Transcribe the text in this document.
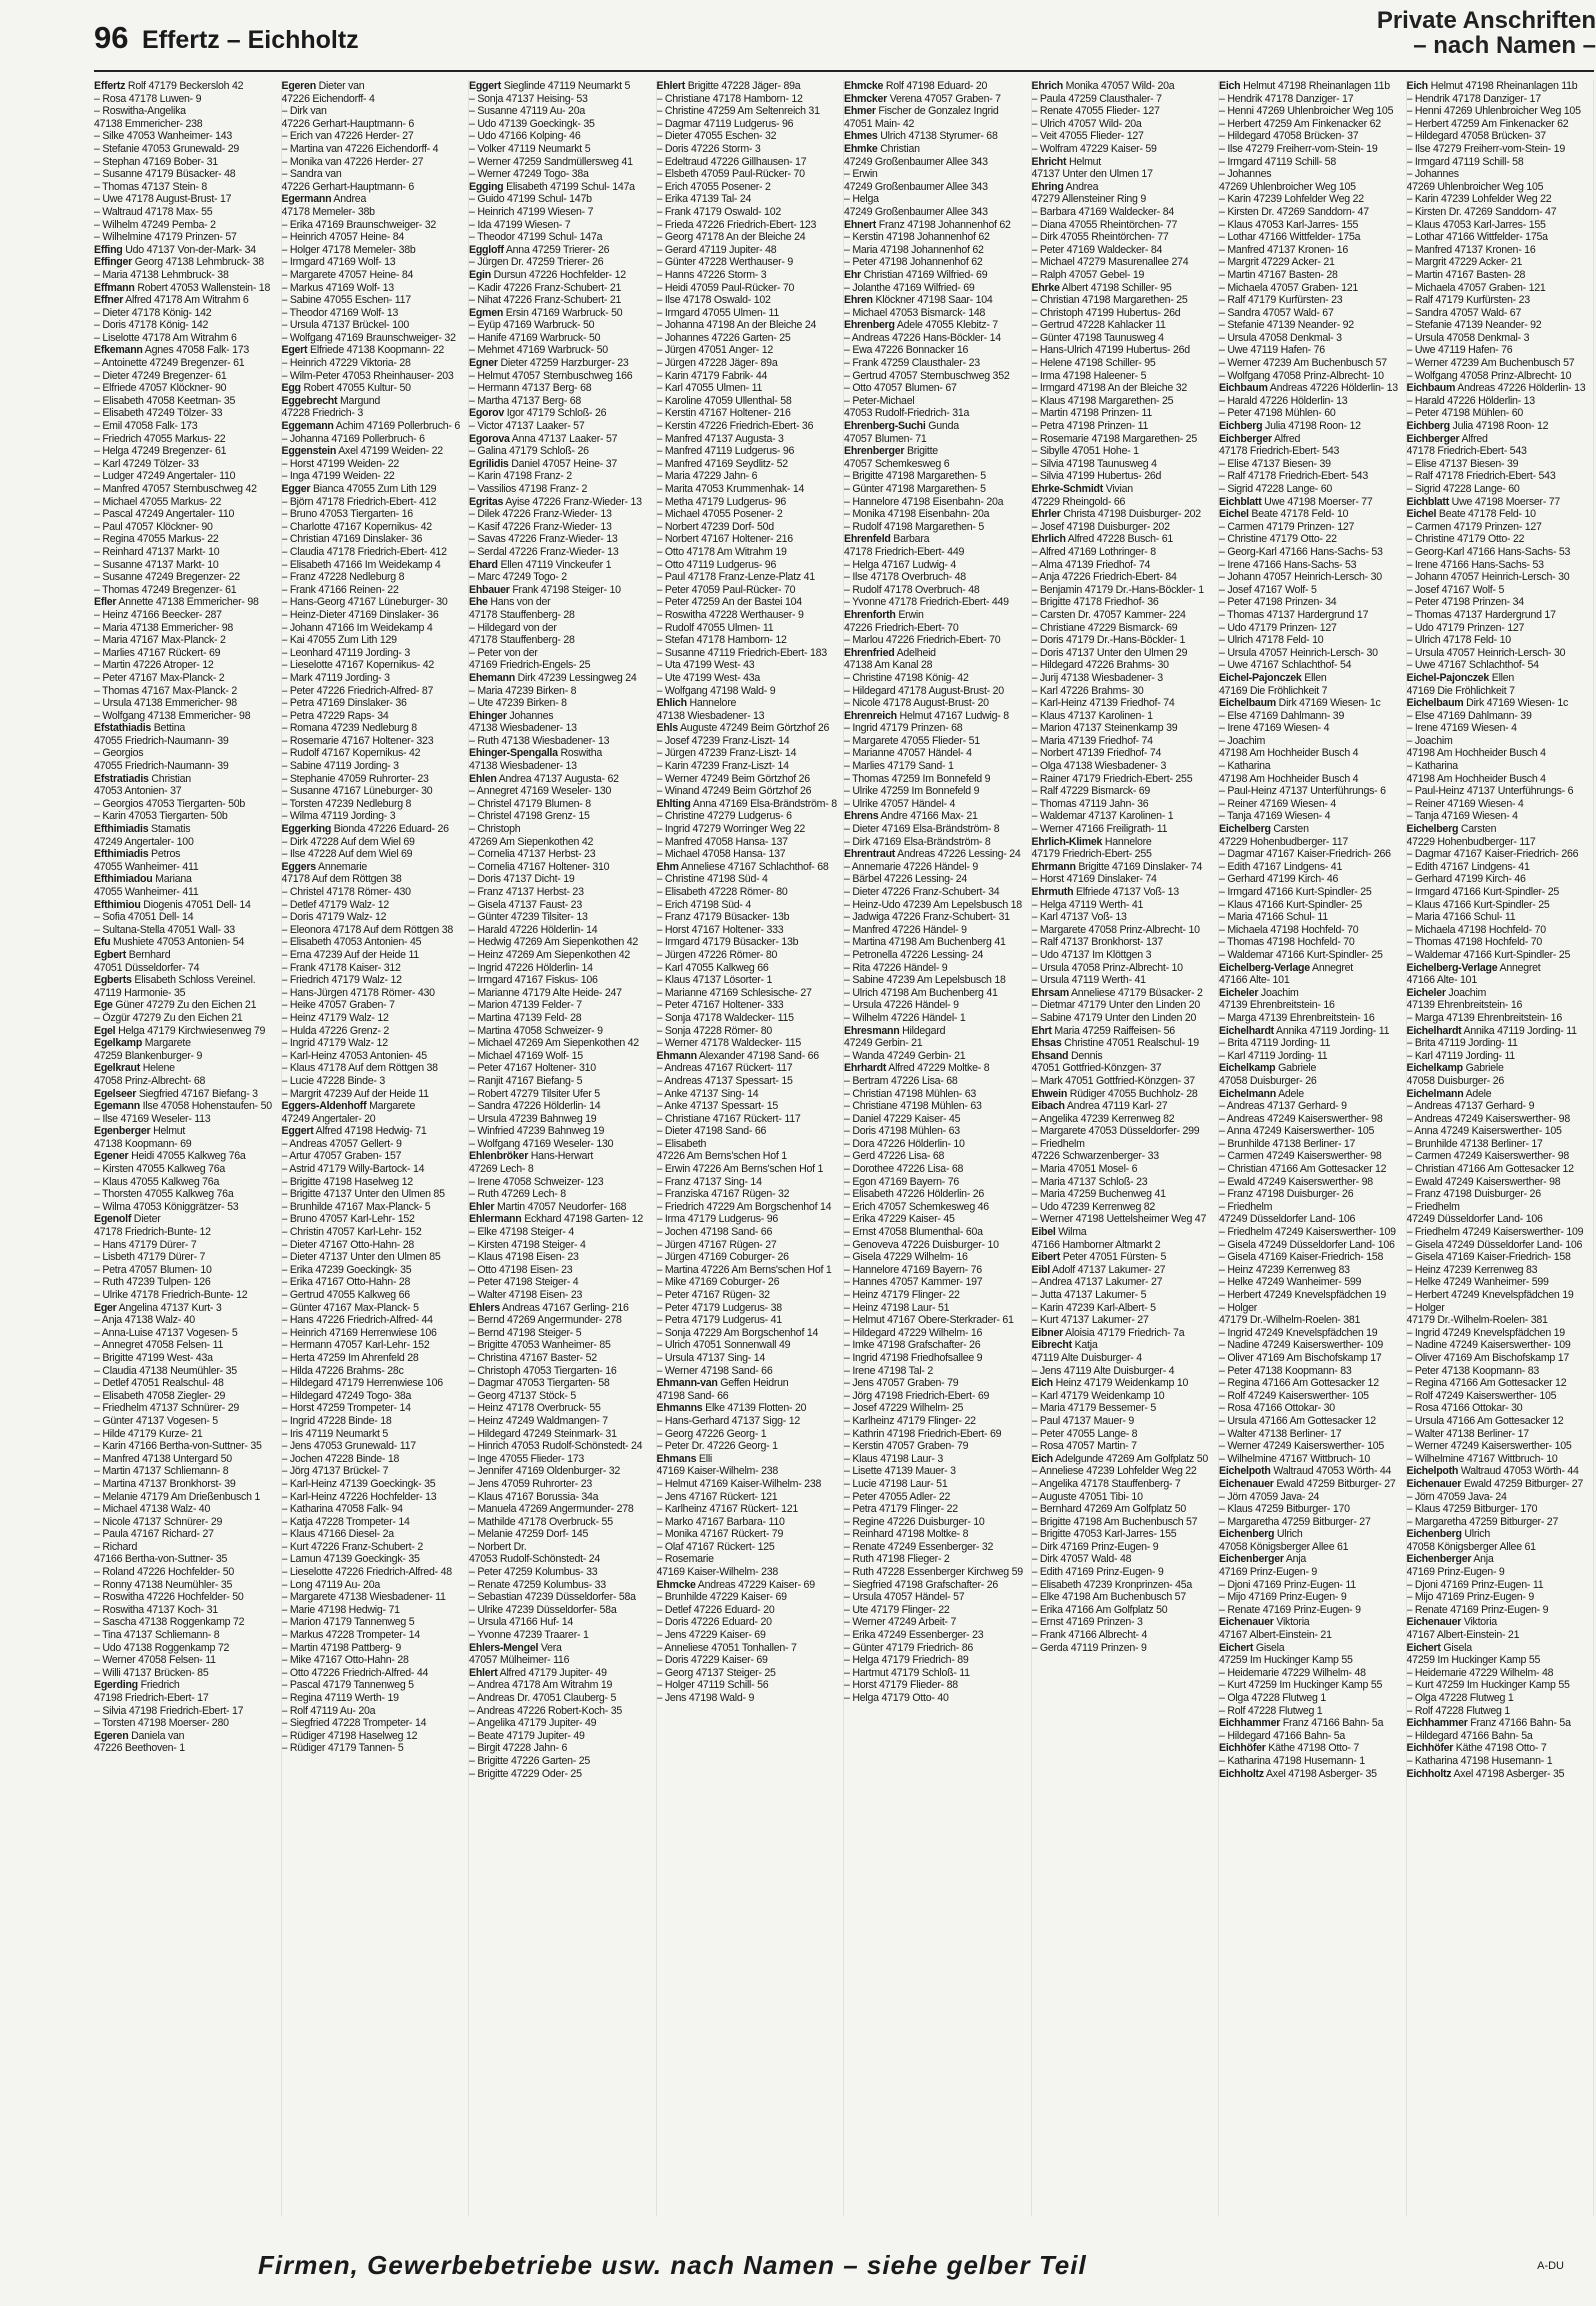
96 Effertz – Eichholtz
Private Anschriften
– nach Namen –
Effertz Rolf 47179 Beckersloh 42
– Rosa 47178 Luwen- 9
– Roswitha-Angelika
47138 Emmericher- 238
– Silke 47053 Wanheimer- 143
– Stefanie 47053 Grunewald- 29
– Stephan 47169 Bober- 31
– Susanne 47179 Büsacker- 48
– Thomas 47137 Stein- 8
– Uwe 47178 August-Brust- 17
– Waltraud 47178 Max- 55
– Wilhelm 47249 Pemba- 2
– Wilhelmine 47179 Prinzen- 57
Effing Udo 47137 Von-der-Mark- 34
Effinger Georg 47138 Lehmbruck- 38
– Maria 47138 Lehmbruck- 38
Effmann Robert 47053 Wallenstein- 18
Effner Alfred 47178 Am Witrahm 6
– Dieter 47178 König- 142
– Doris 47178 König- 142
– Liselotte 47178 Am Witrahm 6
Efkemann Agnes 47058 Falk- 173
– Antoinette 47249 Bregenzer- 61
– Dieter 47249 Bregenzer- 61
– Elfriede 47057 Klöckner- 90
– Elisabeth 47058 Keetman- 35
– Elisabeth 47249 Tölzer- 33
– Emil 47058 Falk- 173
– Friedrich 47055 Markus- 22
– Helga 47249 Bregenzer- 61
– Karl 47249 Tölzer- 33
– Ludger 47249 Angertaler- 110
– Manfred 47057 Sternbuschweg 42
– Michael 47055 Markus- 22
– Pascal 47249 Angertaler- 110
– Paul 47057 Klöckner- 90
– Regina 47055 Markus- 22
– Reinhard 47137 Markt- 10
– Susanne 47137 Markt- 10
– Susanne 47249 Bregenzer- 22
– Thomas 47249 Bregenzer- 61
Efler Annette 47138 Emmericher- 98
– Heinz 47166 Beecker- 287
– Maria 47138 Emmericher- 98
– Maria 47167 Max-Planck- 2
– Marlies 47167 Rückert- 69
– Martin 47226 Atroper- 12
– Peter 47167 Max-Planck- 2
– Thomas 47167 Max-Planck- 2
– Ursula 47138 Emmericher- 98
– Wolfgang 47138 Emmericher- 98
Efstathiadis Bettina
47055 Friedrich-Naumann- 39
– Georgios
47055 Friedrich-Naumann- 39
Efstratiadis Christian
47053 Antonien- 37
– Georgios 47053 Tiergarten- 50b
– Karin 47053 Tiergarten- 50b
Efthimiadis Stamatis
47249 Angertaler- 100
Efthimiadis Petros
47055 Wanheimer- 411
Efthimiadou Mariana
47055 Wanheimer- 411
Efthimiou Diogenis 47051 Dell- 14
– Sofia 47051 Dell- 14
– Sultana-Stella 47051 Wall- 33
Efu Mushiete 47053 Antonien- 54
Egbert Bernhard
47051 Düsseldorfer- 74
Egberts Elisabeth Schloss Vereinel.
47119 Harmonie- 35
Ege Güner 47279 Zu den Eichen 21
– Özgür 47279 Zu den Eichen 21
Egel Helga 47179 Kirchwiesenweg 79
Egelkamp Margarete
47259 Blankenburger- 9
Egelkraut Helene
47058 Prinz-Albrecht- 68
Egelseer Siegfried 47167 Biefang- 3
Egemann Ilse 47058 Hohenstaufen- 50
– Ilse 47169 Weseler- 113
Egenberger Helmut
47138 Koopmann- 69
Egener Heidi 47055 Kalkweg 76a
– Kirsten 47055 Kalkweg 76a
– Klaus 47055 Kalkweg 76a
– Thorsten 47055 Kalkweg 76a
– Wilma 47053 Königgrätzer- 53
Egenolf Dieter
47178 Friedrich-Bunte- 12
– Hans 47179 Dürer- 7
– Lisbeth 47179 Dürer- 7
– Petra 47057 Blumen- 10
– Ruth 47239 Tulpen- 126
– Ulrike 47178 Friedrich-Bunte- 12
Eger Angelina 47137 Kurt- 3
– Anja 47138 Walz- 40
– Anna-Luise 47137 Vogesen- 5
– Annegret 47058 Felsen- 11
– Brigitte 47199 West- 43a
– Claudia 47138 Neumühler- 35
– Detlef 47051 Realschul- 48
– Elisabeth 47058 Ziegler- 29
– Friedhelm 47137 Schnürer- 29
– Günter 47137 Vogesen- 5
– Hilde 47179 Kurze- 21
– Karin 47166 Bertha-von-Suttner- 35
– Manfred 47138 Untergard 50
– Martin 47137 Schliemann- 8
– Martina 47137 Bronkhorst- 39
– Melanie 47179 Am Drießenbusch 1
– Michael 47138 Walz- 40
– Nicole 47137 Schnürer- 29
– Paula 47167 Richard- 27
– Richard
47166 Bertha-von-Suttner- 35
– Roland 47226 Hochfelder- 50
– Ronny 47138 Neumühler- 35
– Roswitha 47226 Hochfelder- 50
– Roswitha 47137 Koch- 31
– Sascha 47138 Roggenkamp 72
– Tina 47137 Schliemann- 8
– Udo 47138 Roggenkamp 72
– Werner 47058 Felsen- 11
– Willi 47137 Brücken- 85
Egerding Friedrich
47198 Friedrich-Ebert- 17
– Silvia 47198 Friedrich-Ebert- 17
– Torsten 47198 Moerser- 280
Egeren Daniela van
47226 Beethoven- 1
Egeren Dieter van
47226 Eichendorff- 4
– Dirk van
47226 Gerhart-Hauptmann- 6
– Erich van 47226 Herder- 27
– Martina van 47226 Eichendorff- 4
– Monika van 47226 Herder- 27
– Sandra van
47226 Gerhart-Hauptmann- 6
Egermann Andrea
47178 Memeler- 38b
– Erika 47169 Braunschweiger- 32
– Heinrich 47057 Heine- 84
– Holger 47178 Memeler- 38b
– Irmgard 47169 Wolf- 13
– Margarete 47057 Heine- 84
– Markus 47169 Wolf- 13
– Sabine 47055 Eschen- 117
– Theodor 47169 Wolf- 13
– Ursula 47137 Brückel- 100
– Wolfgang 47169 Braunschweiger- 32
Egert Elfriede 47138 Koopmann- 22
– Heinrich 47229 Viktoria- 28
– Wilm-Peter 47053 Rheinhauser- 203
Egg Robert 47055 Kultur- 50
Eggebrecht Margund
47228 Friedrich- 3
Eggemann Achim 47169 Pollerbruch- 6
– Johanna 47169 Pollerbruch- 6
Eggenstein Axel 47199 Weiden- 22
– Horst 47199 Weiden- 22
– Inga 47199 Weiden- 22
Egger Bianca 47055 Zum Lith 129
– Björn 47178 Friedrich-Ebert- 412
– Bruno 47053 Tiergarten- 16
– Charlotte 47167 Kopernikus- 42
– Christian 47169 Dinslaker- 36
– Claudia 47178 Friedrich-Ebert- 412
– Elisabeth 47166 Im Weidekamp 4
– Franz 47228 Nedleburg 8
– Frank 47166 Reinen- 22
– Hans-Georg 47167 Lüneburger- 30
– Heinz-Dieter 47169 Dinslaker- 36
– Johann 47166 Im Weidekamp 4
– Kai 47055 Zum Lith 129
– Leonhard 47119 Jording- 3
– Lieselotte 47167 Kopernikus- 42
– Mark 47119 Jording- 3
– Peter 47226 Friedrich-Alfred- 87
– Petra 47169 Dinslaker- 36
– Petra 47229 Raps- 34
– Romana 47239 Nedleburg 8
– Rosemarie 47167 Holtener- 323
– Rudolf 47167 Kopernikus- 42
– Sabine 47119 Jording- 3
– Stephanie 47059 Ruhrorter- 23
– Susanne 47167 Lüneburger- 30
– Torsten 47239 Nedleburg 8
– Wilma 47119 Jording- 3
Eggerking Bionda 47226 Eduard- 26
– Dirk 47228 Auf dem Wiel 69
– Ilse 47228 Auf dem Wiel 69
Eggers Annemarie
47178 Auf dem Röttgen 38
– Christel 47178 Römer- 430
– Detlef 47179 Walz- 12
– Doris 47179 Walz- 12
– Eleonora 47178 Auf dem Röttgen 38
– Elisabeth 47053 Antonien- 45
– Erna 47239 Auf der Heide 11
– Frank 47178 Kaiser- 312
– Friedrich 47179 Walz- 12
– Hans-Jürgen 47178 Römer- 430
– Heike 47057 Graben- 7
– Heinz 47179 Walz- 12
– Hulda 47226 Grenz- 2
– Ingrid 47179 Walz- 12
– Karl-Heinz 47053 Antonien- 45
– Klaus 47178 Auf dem Röttgen 38
– Lucie 47228 Binde- 3
– Margrit 47239 Auf der Heide 11
Eggers-Aldenhoff Margarete
47249 Angertaler- 20
Eggert Alfred 47198 Hedwig- 71
– Andreas 47057 Gellert- 9
– Artur 47057 Graben- 157
– Astrid 47179 Willy-Bartock- 14
– Brigitte 47198 Haselweg 12
– Brigitte 47137 Unter den Ulmen 85
– Brunhilde 47167 Max-Planck- 5
– Bruno 47057 Karl-Lehr- 152
– Christin 47057 Karl-Lehr- 152
– Dieter 47167 Otto-Hahn- 28
– Dieter 47137 Unter den Ulmen 85
– Erika 47239 Goeckingk- 35
– Erika 47167 Otto-Hahn- 28
– Gertrud 47055 Kalkweg 66
– Günter 47167 Max-Planck- 5
– Hans 47226 Friedrich-Alfred- 44
– Heinrich 47169 Herrenwiese 106
– Hermann 47057 Karl-Lehr- 152
– Herta 47259 Im Ahrenfeld 28
– Hilda 47226 Brahms- 28c
– Hildegard 47179 Herrenwiese 106
– Hildegard 47249 Togo- 38a
– Horst 47259 Trompeter- 14
– Ingrid 47228 Binde- 18
– Iris 47119 Neumarkt 5
– Jens 47053 Grunewald- 117
– Jochen 47228 Binde- 18
– Jörg 47137 Brückel- 7
– Karl-Heinz 47139 Goeckingk- 35
– Karl-Heinz 47226 Hochfelder- 13
– Katharina 47058 Falk- 94
– Katja 47228 Trompeter- 14
– Klaus 47166 Diesel- 2a
– Kurt 47226 Franz-Schubert- 2
– Lamun 47139 Goeckingk- 35
– Lieselotte 47226 Friedrich-Alfred- 48
– Long 47119 Au- 20a
– Margarete 47138 Wiesbadener- 11
– Marie 47198 Hedwig- 71
– Marion 47179 Tannenweg 5
– Markus 47228 Trompeter- 14
– Martin 47198 Pattberg- 9
– Mike 47167 Otto-Hahn- 28
– Otto 47226 Friedrich-Alfred- 44
– Pascal 47179 Tannenweg 5
– Regina 47119 Werth- 19
– Rolf 47119 Au- 20a
– Siegfried 47228 Trompeter- 14
– Rüdiger 47198 Haselweg 12
– Rüdiger 47179 Tannen- 5
Eggert Sieglinde 47119 Neumarkt 5
– Sonja 47137 Heising- 53
– Susanne 47119 Au- 20a
– Udo 47139 Goeckingk- 35
– Udo 47166 Kolping- 46
– Volker 47119 Neumarkt 5
– Werner 47259 Sandmüllersweg 41
– Werner 47249 Togo- 38a
Egging Elisabeth 47199 Schul- 147a
– Guido 47199 Schul- 147b
– Heinrich 47199 Wiesen- 7
– Ida 47199 Wiesen- 7
– Theodor 47199 Schul- 147a
Eggloff Anna 47259 Trierer- 26
– Jürgen Dr. 47259 Trierer- 26
Egin Dursun 47226 Hochfelder- 12
– Kadir 47226 Franz-Schubert- 21
– Nihat 47226 Franz-Schubert- 21
Egmen Ersin 47169 Warbruck- 50
– Eyüp 47169 Warbruck- 50
– Hanife 47169 Warbruck- 50
– Mehmet 47169 Warbruck- 50
Egner Dieter 47259 Harzburger- 23
– Helmut 47057 Sternbuschweg 166
– Hermann 47137 Berg- 68
– Martha 47137 Berg- 68
Egorov Igor 47179 Schloß- 26
– Victor 47137 Laaker- 57
Egorova Anna 47137 Laaker- 57
– Galina 47179 Schloß- 26
Egrilidis Daniel 47057 Heine- 37
– Karin 47198 Franz- 2
– Vassilios 47198 Franz- 2
Egritas Ayise 47226 Franz-Wieder- 13
– Dilek 47226 Franz-Wieder- 13
– Kasif 47226 Franz-Wieder- 13
– Savas 47226 Franz-Wieder- 13
– Serdal 47226 Franz-Wieder- 13
Ehard Ellen 47119 Vinckeufer 1
– Marc 47249 Togo- 2
Ehbauer Frank 47198 Steiger- 10
Ehe Hans von der
47178 Stauffenberg- 28
– Hildegard von der
47178 Stauffenberg- 28
– Peter von der
47169 Friedrich-Engels- 25
Ehemann Dirk 47239 Lessingweg 24
– Maria 47239 Birken- 8
– Ute 47239 Birken- 8
Ehinger Johannes
47138 Wiesbadener- 13
– Ruth 47138 Wiesbadener- 13
Ehinger-Spengalla Roswitha
47138 Wiesbadener- 13
Ehlen Andrea 47137 Augusta- 62
– Annegret 47169 Weseler- 130
– Christel 47179 Blumen- 8
– Christel 47198 Grenz- 15
– Christoph
47269 Am Siepenkothen 42
– Cornelia 47137 Herbst- 23
– Cornelia 47167 Holtener- 310
– Doris 47137 Dicht- 19
– Franz 47137 Herbst- 23
– Gisela 47137 Faust- 23
– Günter 47239 Tilsiter- 13
– Harald 47226 Hölderlin- 14
– Hedwig 47269 Am Siepenkothen 42
– Heinz 47269 Am Siepenkothen 42
– Ingrid 47226 Hölderlin- 14
– Irmgard 47167 Fiskus- 106
– Marianne 47179 Alte Heide- 247
– Marion 47139 Felder- 7
– Martina 47139 Feld- 28
– Martina 47058 Schweizer- 9
– Michael 47269 Am Siepenkothen 42
– Michael 47169 Wolf- 15
– Peter 47167 Holtener- 310
– Ranjit 47167 Biefang- 5
– Robert 47279 Tilsiter Ufer 5
– Sandra 47226 Hölderlin- 14
– Ursula 47239 Bahnweg 19
– Winfried 47239 Bahnweg 19
– Wolfgang 47169 Weseler- 130
Ehlenbröker Hans-Herwart
47269 Lech- 8
– Irene 47058 Schweizer- 123
– Ruth 47269 Lech- 8
Ehler Martin 47057 Neudorfer- 168
Ehlermann Eckhard 47198 Garten- 12
– Elke 47198 Steiger- 4
– Kirsten 47198 Steiger- 4
– Klaus 47198 Eisen- 23
– Otto 47198 Eisen- 23
– Peter 47198 Steiger- 4
– Walter 47198 Eisen- 23
Ehlers Andreas 47167 Gerling- 216
– Bernd 47269 Angermunder- 278
– Bernd 47198 Steiger- 5
– Brigitte 47053 Wanheimer- 85
– Christina 47167 Baster- 52
– Christoph 47053 Tiergarten- 16
– Dagmar 47053 Tiergarten- 58
– Georg 47137 Stöck- 5
– Heinz 47178 Overbruck- 55
– Heinz 47249 Waldmangen- 7
– Hildegard 47249 Steinmark- 31
– Hinrich 47053 Rudolf-Schönstedt- 24
– Inge 47055 Flieder- 173
– Jennifer 47169 Oldenburger- 32
– Jens 47059 Ruhrorter- 23
– Klaus 47167 Borussia- 34a
– Manuela 47269 Angermunder- 278
– Mathilde 47178 Overbruck- 55
– Melanie 47259 Dorf- 145
– Norbert Dr.
47053 Rudolf-Schönstedt- 24
– Peter 47259 Kolumbus- 33
– Renate 47259 Kolumbus- 33
– Sebastian 47239 Düsseldorfer- 58a
– Ulrike 47239 Düsseldorfer- 58a
– Ursula 47166 Huf- 14
– Yvonne 47239 Traarer- 1
Ehlers-Mengel Vera
47057 Mülheimer- 116
Ehlert Alfred 47179 Jupiter- 49
– Andrea 47178 Am Witrahm 19
– Andreas Dr. 47051 Clauberg- 5
– Andreas 47226 Robert-Koch- 35
– Angelika 47179 Jupiter- 49
– Beate 47179 Jupiter- 49
– Birgit 47228 Jahn- 6
– Brigitte 47226 Garten- 25
– Brigitte 47229 Oder- 25
Ehlert Brigitte 47228 Jäger- 89a
– Christiane 47178 Hamborn- 12
– Christine 47259 Am Seltenreich 31
– Dagmar 47119 Ludgerus- 96
– Dieter 47055 Eschen- 32
– Doris 47226 Storm- 3
– Edeltraud 47226 Gillhausen- 17
– Elsbeth 47059 Paul-Rücker- 70
– Erich 47055 Posener- 2
– Erika 47139 Tal- 24
– Frank 47179 Oswald- 102
– Frieda 47226 Friedrich-Ebert- 123
– Georg 47178 An der Bleiche 24
– Gerard 47119 Jupiter- 48
– Günter 47228 Werthauser- 9
– Hanns 47226 Storm- 3
– Heidi 47059 Paul-Rücker- 70
– Ilse 47178 Oswald- 102
– Irmgard 47055 Ulmen- 11
– Johanna 47198 An der Bleiche 24
– Johannes 47226 Garten- 25
– Jürgen 47051 Anger- 12
– Jürgen 47228 Jäger- 89a
– Karin 47179 Fabrik- 44
– Karl 47055 Ulmen- 11
– Karoline 47059 Ullenthal- 58
– Kerstin 47167 Holtener- 216
– Kerstin 47226 Friedrich-Ebert- 36
– Manfred 47137 Augusta- 3
– Manfred 47119 Ludgerus- 96
– Manfred 47169 Seydlitz- 52
– Maria 47229 Jahn- 6
– Marita 47053 Krummenhak- 14
– Metha 47179 Ludgerus- 96
– Michael 47055 Posener- 2
– Norbert 47239 Dorf- 50d
– Norbert 47167 Holtener- 216
– Otto 47178 Am Witrahm 19
– Otto 47119 Ludgerus- 96
– Paul 47178 Franz-Lenze-Platz 41
– Peter 47059 Paul-Rücker- 70
– Peter 47259 An der Bastei 104
– Roswitha 47228 Werthauser- 9
– Rudolf 47055 Ulmen- 11
– Stefan 47178 Hamborn- 12
– Susanne 47119 Friedrich-Ebert- 183
– Uta 47199 West- 43
– Ute 47199 West- 43a
– Wolfgang 47198 Wald- 9
Ehlich Hannelore
47138 Wiesbadener- 13
Ehls Auguste 47249 Beim Görtzhof 26
– Josef 47239 Franz-Liszt- 14
– Jürgen 47239 Franz-Liszt- 14
– Karin 47239 Franz-Liszt- 14
– Werner 47249 Beim Görtzhof 26
– Winand 47249 Beim Görtzhof 26
Ehlting Anna 47169 Elsa-Brändström- 8
– Christine 47279 Ludgerus- 6
– Ingrid 47279 Worringer Weg 22
– Manfred 47058 Hansa- 137
– Michael 47058 Hansa- 137
Ehm Anneliese 47167 Schlachthof- 68
– Christine 47198 Süd- 4
– Elisabeth 47228 Römer- 80
– Erich 47198 Süd- 4
– Franz 47179 Büsacker- 13b
– Horst 47167 Holtener- 333
– Irmgard 47179 Büsacker- 13b
– Jürgen 47226 Römer- 80
– Karl 47055 Kalkweg 66
– Klaus 47137 Lösorter- 1
– Marianne 47169 Schlesische- 27
– Peter 47167 Holtener- 333
– Sonja 47178 Waldecker- 115
– Sonja 47228 Römer- 80
– Werner 47178 Waldecker- 115
Ehmann Alexander 47198 Sand- 66
– Andreas 47167 Rückert- 117
– Andreas 47137 Spessart- 15
– Anke 47137 Sing- 14
– Anke 47137 Spessart- 15
– Christiane 47167 Rückert- 117
– Dieter 47198 Sand- 66
– Elisabeth
47226 Am Berns'schen Hof 1
– Erwin 47226 Am Berns'schen Hof 1
– Franz 47137 Sing- 14
– Franziska 47167 Rügen- 32
– Friedrich 47229 Am Borgschenhof 14
– Irma 47179 Ludgerus- 96
– Jochen 47198 Sand- 66
– Jürgen 47167 Rügen- 27
– Jürgen 47169 Coburger- 26
– Martina 47226 Am Berns'schen Hof 1
– Mike 47169 Coburger- 26
– Peter 47167 Rügen- 32
– Peter 47179 Ludgerus- 38
– Petra 47179 Ludgerus- 41
– Sonja 47229 Am Borgschenhof 14
– Ulrich 47051 Sonnenwall 49
– Ursula 47137 Sing- 14
– Werner 47198 Sand- 66
Ehmann-van Geffen Heidrun
47198 Sand- 66
Ehmanns Elke 47139 Flotten- 20
– Hans-Gerhard 47137 Sigg- 12
– Georg 47226 Georg- 1
– Peter Dr. 47226 Georg- 1
Ehmans Elli
47169 Kaiser-Wilhelm- 238
– Helmut 47169 Kaiser-Wilhelm- 238
– Jens 47167 Rückert- 121
– Karlheinz 47167 Rückert- 121
– Marko 47167 Barbara- 110
– Monika 47167 Rückert- 79
– Olaf 47167 Rückert- 125
– Rosemarie
47169 Kaiser-Wilhelm- 238
Ehmcke Andreas 47229 Kaiser- 69
– Brunhilde 47229 Kaiser- 69
– Detlef 47226 Eduard- 20
– Doris 47226 Eduard- 20
– Jens 47229 Kaiser- 69
– Anneliese 47051 Tonhallen- 7
– Doris 47229 Kaiser- 69
– Georg 47137 Steiger- 25
– Holger 47119 Schill- 56
– Jens 47198 Wald- 9
Ehmcke Rolf 47198 Eduard- 20
Ehmcker Verena 47057 Graben- 7
Ehmer Fischer de Gonzalez Ingrid
47051 Main- 42
Ehmes Ulrich 47138 Styrumer- 68
Ehmke Christian
47249 Großenbaumer Allee 343
– Erwin
47249 Großenbaumer Allee 343
– Helga
47249 Großenbaumer Allee 343
Ehnert Franz 47198 Johannenhof 62
– Kerstin 47198 Johannenhof 62
– Maria 47198 Johannenhof 62
– Peter 47198 Johannenhof 62
Ehr Christian 47169 Wilfried- 69
– Jolanthe 47169 Wilfried- 69
Ehren Klöckner 47198 Saar- 104
– Michael 47053 Bismarck- 148
Ehrenberg Adele 47055 Klebitz- 7
– Andreas 47226 Hans-Böckler- 14
– Ewa 47226 Bonnacker 16
– Frank 47259 Clausthaler- 23
– Gertrud 47057 Sternbuschweg 352
– Otto 47057 Blumen- 67
– Peter-Michael
47053 Rudolf-Friedrich- 31a
Ehrenberg-Suchi Gunda
47057 Blumen- 71
Ehrenberger Brigitte
47057 Schemkesweg 6
– Brigitte 47198 Margarethen- 5
– Günter 47198 Margarethen- 5
– Hannelore 47198 Eisenbahn- 20a
– Monika 47198 Eisenbahn- 20a
– Rudolf 47198 Margarethen- 5
Ehrenfeld Barbara
47178 Friedrich-Ebert- 449
– Helga 47167 Ludwig- 4
– Ilse 47178 Overbruch- 48
– Rudolf 47178 Overbruch- 48
– Yvonne 47178 Friedrich-Ebert- 449
Ehrenforth Erwin
47226 Friedrich-Ebert- 70
– Marlou 47226 Friedrich-Ebert- 70
Ehrenfried Adelheid
47138 Am Kanal 28
– Christine 47198 König- 42
– Hildegard 47178 August-Brust- 20
– Nicole 47178 August-Brust- 20
Ehrenreich Helmut 47167 Ludwig- 8
– Ingrid 47179 Prinzen- 68
– Margarete 47055 Flieder- 51
– Marianne 47057 Händel- 4
– Marlies 47179 Sand- 1
– Thomas 47259 Im Bonnefeld 9
– Ulrike 47259 Im Bonnefeld 9
– Ulrike 47057 Händel- 4
Ehrens Andre 47166 Max- 21
– Dieter 47169 Elsa-Brändström- 8
– Dirk 47169 Elsa-Brändström- 8
Ehrentraut Andreas 47226 Lessing- 24
– Annemarie 47226 Händel- 9
– Bärbel 47226 Lessing- 24
– Dieter 47226 Franz-Schubert- 34
– Heinz-Udo 47239 Am Lepelsbusch 18
– Jadwiga 47226 Franz-Schubert- 31
– Manfred 47226 Händel- 9
– Martina 47198 Am Buchenberg 41
– Petronella 47226 Lessing- 24
– Rita 47226 Händel- 9
– Sabine 47239 Am Lepelsbusch 18
– Ulrich 47198 Am Buchenberg 41
– Ursula 47226 Händel- 9
– Wilhelm 47226 Händel- 1
Ehresmann Hildegard
47249 Gerbin- 21
– Wanda 47249 Gerbin- 21
Ehrhardt Alfred 47229 Moltke- 8
– Bertram 47226 Lisa- 68
– Christian 47198 Mühlen- 63
– Christiane 47198 Mühlen- 63
– Daniel 47229 Kaiser- 45
– Doris 47198 Mühlen- 63
– Dora 47226 Hölderlin- 10
– Gerd 47226 Lisa- 68
– Dorothee 47226 Lisa- 68
– Egon 47169 Bayern- 76
– Elisabeth 47226 Hölderlin- 26
– Erich 47057 Schemkesweg 46
– Erika 47229 Kaiser- 45
– Ernst 47058 Blumenthal- 60a
– Genoveva 47226 Duisburger- 10
– Gisela 47229 Wilhelm- 16
– Hannelore 47169 Bayern- 76
– Hannes 47057 Kammer- 197
– Heinz 47179 Flinger- 22
– Heinz 47198 Laur- 51
– Helmut 47167 Obere-Sterkrader- 61
– Hildegard 47229 Wilhelm- 16
– Imke 47198 Grafschafter- 26
– Ingrid 47198 Friedhofsallee 9
– Irene 47198 Tal- 2
– Jens 47057 Graben- 79
– Jörg 47198 Friedrich-Ebert- 69
– Josef 47229 Wilhelm- 25
– Karlheinz 47179 Flinger- 22
– Kathrin 47198 Friedrich-Ebert- 69
– Kerstin 47057 Graben- 79
– Klaus 47198 Laur- 3
– Lisette 47139 Mauer- 3
– Lucie 47198 Laur- 51
– Peter 47055 Adler- 22
– Petra 47179 Flinger- 22
– Regine 47226 Duisburger- 10
– Reinhard 47198 Moltke- 8
– Renate 47249 Essenberger- 32
– Ruth 47198 Flieger- 2
– Ruth 47228 Essenberger Kirchweg 59
– Siegfried 47198 Grafschafter- 26
– Ursula 47057 Händel- 57
– Ute 47179 Flinger- 22
– Werner 47249 Arbeit- 7
– Erika 47249 Essenberger- 23
– Günter 47179 Friedrich- 86
– Helga 47179 Friedrich- 89
– Hartmut 47179 Schloß- 11
– Horst 47179 Flieder- 88
– Helga 47179 Otto- 40
Ehrich Monika 47057 Wild- 20a
– Paula 47259 Clausthaler- 7
– Renate 47055 Flieder- 127
– Ulrich 47057 Wild- 20a
– Veit 47055 Flieder- 127
– Wolfram 47229 Kaiser- 59
Ehricht Helmut
47137 Unter den Ulmen 17
Ehring Andrea
47279 Allensteiner Ring 9
– Barbara 47169 Waldecker- 84
– Diana 47055 Rheintörchen- 77
– Dirk 47055 Rheintörchen- 77
– Peter 47169 Waldecker- 84
– Michael 47279 Masurenallee 274
– Ralph 47057 Gebel- 19
Ehrke Albert 47198 Schiller- 95
– Christian 47198 Margarethen- 25
– Christoph 47199 Hubertus- 26d
– Gertrud 47228 Kahlacker 11
– Günter 47198 Taunusweg 4
– Hans-Ulrich 47199 Hubertus- 26d
– Helene 47198 Schiller- 95
– Irma 47198 Haleener- 5
– Irmgard 47198 An der Bleiche 32
– Klaus 47198 Margarethen- 25
– Martin 47198 Prinzen- 11
– Petra 47198 Prinzen- 11
– Rosemarie 47198 Margarethen- 25
– Sibylle 47051 Hohe- 1
– Silvia 47198 Taunusweg 4
– Silvia 47199 Hubertus- 26d
Ehrke-Schmidt Vivian
47229 Rheingold- 66
Ehrler Christa 47198 Duisburger- 202
– Josef 47198 Duisburger- 202
Ehrlich Alfred 47228 Busch- 61
– Alfred 47169 Lothringer- 8
– Alma 47139 Friedhof- 74
– Anja 47226 Friedrich-Ebert- 84
– Benjamin 47179 Dr.-Hans-Böckler- 1
– Brigitte 47178 Friedhof- 36
– Carsten Dr. 47057 Kammer- 224
– Christiane 47229 Bismarck- 69
– Doris 47179 Dr.-Hans-Böckler- 1
– Doris 47137 Unter den Ulmen 29
– Hildegard 47226 Brahms- 30
– Jurij 47138 Wiesbadener- 3
– Karl 47226 Brahms- 30
– Karl-Heinz 47139 Friedhof- 74
– Klaus 47137 Karolinen- 1
– Marion 47137 Steinenkamp 39
– Maria 47139 Friedhof- 74
– Norbert 47139 Friedhof- 74
– Olga 47138 Wiesbadener- 3
– Rainer 47179 Friedrich-Ebert- 255
– Ralf 47229 Bismarck- 69
– Thomas 47119 Jahn- 36
– Waldemar 47137 Karolinen- 1
– Werner 47166 Freiligrath- 11
Ehrlich-Klimek Hannelore
47179 Friedrich-Ebert- 255
Ehrmann Brigitte 47169 Dinslaker- 74
– Horst 47169 Dinslaker- 74
Ehrmuth Elfriede 47137 Voß- 13
– Helga 47119 Werth- 41
– Karl 47137 Voß- 13
– Margarete 47058 Prinz-Albrecht- 10
– Ralf 47137 Bronkhorst- 137
– Udo 47137 Im Klöttgen 3
– Ursula 47058 Prinz-Albrecht- 10
– Ursula 47119 Werth- 41
Ehrsam Anneliese 47179 Büsacker- 2
– Dietmar 47179 Unter den Linden 20
– Sabine 47179 Unter den Linden 20
Ehrt Maria 47259 Raiffeisen- 56
Ehsas Christine 47051 Realschul- 19
Ehsand Dennis
47051 Gottfried-Könzgen- 37
– Mark 47051 Gottfried-Könzgen- 37
Ehwein Rüdiger 47055 Buchholz- 28
Eibach Andrea 47119 Karl- 27
– Angelika 47239 Kerrenweg 82
– Margarete 47053 Düsseldorfer- 299
– Friedhelm
47226 Schwarzenberger- 33
– Maria 47051 Mosel- 6
– Maria 47137 Schloß- 23
– Maria 47259 Buchenweg 41
– Udo 47239 Kerrenweg 82
– Werner 47198 Uettelsheimer Weg 47
Eibel Wilma
47166 Hamborner Altmarkt 2
Eibert Peter 47051 Fürsten- 5
Eibl Adolf 47137 Lakumer- 27
– Andrea 47137 Lakumer- 27
– Jutta 47137 Lakumer- 5
– Karin 47239 Karl-Albert- 5
– Kurt 47137 Lakumer- 27
Eibner Aloisia 47179 Friedrich- 7a
Eibrecht Katja
47119 Alte Duisburger- 4
– Jens 47119 Alte Duisburger- 4
Eich Heinz 47179 Weidenkamp 10
– Karl 47179 Weidenkamp 10
– Maria 47179 Bessemer- 5
– Paul 47137 Mauer- 9
– Peter 47055 Lange- 8
– Rosa 47057 Martin- 7
Eich Adelgunde 47269 Am Golfplatz 50
– Anneliese 47239 Lohfelder Weg 22
– Angelika 47178 Stauffenberg- 7
– Auguste 47051 Tibi- 10
– Bernhard 47269 Am Golfplatz 50
– Brigitte 47198 Am Buchenbusch 57
– Brigitte 47053 Karl-Jarres- 155
– Dirk 47169 Prinz-Eugen- 9
– Dirk 47057 Wald- 48
– Edith 47169 Prinz-Eugen- 9
– Elisabeth 47239 Kronprinzen- 45a
– Elke 47198 Am Buchenbusch 57
– Erika 47166 Am Golfplatz 50
– Ernst 47169 Prinzen- 3
– Frank 47166 Albrecht- 4
– Gerda 47119 Prinzen- 9
Eich Helmut 47198 Rheinanlagen 11b
– Hendrik 47178 Danziger- 17
– Henni 47269 Uhlenbroicher Weg 105
– Herbert 47259 Am Finkenacker 62
– Hildegard 47058 Brücken- 37
– Ilse 47279 Freiherr-vom-Stein- 19
– Irmgard 47119 Schill- 58
– Johannes
47269 Uhlenbroicher Weg 105
– Karin 47239 Lohfelder Weg 22
– Kirsten Dr. 47269 Sanddorn- 47
– Klaus 47053 Karl-Jarres- 155
– Lothar 47166 Wittfelder- 175a
– Manfred 47137 Kronen- 16
– Margrit 47229 Acker- 21
– Martin 47167 Basten- 28
– Michaela 47057 Graben- 121
– Ralf 47179 Kurfürsten- 23
– Sandra 47057 Wald- 67
– Stefanie 47139 Neander- 92
– Ursula 47058 Denkmal- 3
– Uwe 47119 Hafen- 76
– Werner 47239 Am Buchenbusch 57
– Wolfgang 47058 Prinz-Albrecht- 10
Eichbaum Andreas 47226 Hölderlin- 13
– Harald 47226 Hölderlin- 13
– Peter 47198 Mühlen- 60
Eichberg Julia 47198 Roon- 12
Eichberger Alfred
47178 Friedrich-Ebert- 543
– Elise 47137 Biesen- 39
– Ralf 47178 Friedrich-Ebert- 543
– Sigrid 47228 Lange- 60
Eichblatt Uwe 47198 Moerser- 77
Eichel Beate 47178 Feld- 10
– Carmen 47179 Prinzen- 127
– Christine 47179 Otto- 22
– Georg-Karl 47166 Hans-Sachs- 53
– Irene 47166 Hans-Sachs- 53
– Johann 47057 Heinrich-Lersch- 30
– Josef 47167 Wolf- 5
– Peter 47198 Prinzen- 34
– Thomas 47137 Hardergrund 17
– Udo 47179 Prinzen- 127
– Ulrich 47178 Feld- 10
– Ursula 47057 Heinrich-Lersch- 30
– Uwe 47167 Schlachthof- 54
Eichel-Pajonczek Ellen
47169 Die Fröhlichkeit 7
Eichelbaum Dirk 47169 Wiesen- 1c
– Else 47169 Dahlmann- 39
– Irene 47169 Wiesen- 4
– Joachim
47198 Am Hochheider Busch 4
– Katharina
47198 Am Hochheider Busch 4
– Paul-Heinz 47137 Unterführungs- 6
– Reiner 47169 Wiesen- 4
– Tanja 47169 Wiesen- 4
Eichelberg Carsten
47229 Hohenbudberger- 117
– Dagmar 47167 Kaiser-Friedrich- 266
– Edith 47167 Lindgens- 41
– Gerhard 47199 Kirch- 46
– Irmgard 47166 Kurt-Spindler- 25
– Klaus 47166 Kurt-Spindler- 25
– Maria 47166 Schul- 11
– Michaela 47198 Hochfeld- 70
– Thomas 47198 Hochfeld- 70
– Waldemar 47166 Kurt-Spindler- 25
Eichelberg-Verlage Annegret
47166 Alte- 101
Eicheler Joachim
47139 Ehrenbreitstein- 16
– Marga 47139 Ehrenbreitstein- 16
Eichelhardt Annika 47119 Jording- 11
– Brita 47119 Jording- 11
– Karl 47119 Jording- 11
Eichelkamp Gabriele
47058 Duisburger- 26
Eichelmann Adele
– Andreas 47137 Gerhard- 9
– Andreas 47249 Kaiserswerther- 98
– Anna 47249 Kaiserswerther- 105
– Brunhilde 47138 Berliner- 17
– Carmen 47249 Kaiserswerther- 98
– Christian 47166 Am Gottesacker 12
– Ewald 47249 Kaiserswerther- 98
– Franz 47198 Duisburger- 26
– Friedhelm
47249 Düsseldorfer Land- 106
– Friedhelm 47249 Kaiserswerther- 109
– Gisela 47249 Düsseldorfer Land- 106
– Gisela 47169 Kaiser-Friedrich- 158
– Heinz 47239 Kerrenweg 83
– Helke 47249 Wanheimer- 599
– Herbert 47249 Knevelspfädchen 19
– Holger
47179 Dr.-Wilhelm-Roelen- 381
– Ingrid 47249 Knevelspfädchen 19
– Nadine 47249 Kaiserswerther- 109
– Oliver 47169 Am Bischofskamp 17
– Peter 47138 Koopmann- 83
– Regina 47166 Am Gottesacker 12
– Rolf 47249 Kaiserswerther- 105
– Rosa 47166 Ottokar- 30
– Ursula 47166 Am Gottesacker 12
– Walter 47138 Berliner- 17
– Werner 47249 Kaiserswerther- 105
– Wilhelmine 47167 Wittbruch- 10
Eichelpoth Waltraud 47053 Wörth- 44
Eichenauer Ewald 47259 Bitburger- 27
– Jörn 47059 Java- 24
– Klaus 47259 Bitburger- 170
– Margaretha 47259 Bitburger- 27
Eichenberg Ulrich
47058 Königsberger Allee 61
Eichenberger Anja
47169 Prinz-Eugen- 9
– Djoni 47169 Prinz-Eugen- 11
– Mijo 47169 Prinz-Eugen- 9
– Renate 47169 Prinz-Eugen- 9
Eichenauer Viktoria
47167 Albert-Einstein- 21
Eichert Gisela
47259 Im Huckinger Kamp 55
– Heidemarie 47229 Wilhelm- 48
– Kurt 47259 Im Huckinger Kamp 55
– Olga 47228 Flutweg 1
– Rolf 47228 Flutweg 1
Eichhammer Franz 47166 Bahn- 5a
– Hildegard 47166 Bahn- 5a
Eichhöfer Käthe 47198 Otto- 7
– Katharina 47198 Husemann- 1
Eichholtz Axel 47198 Asberger- 35
Eich Helmut 47198 Rheinanlagen 11b
– Hendrik 47178 Danziger- 17
– Henni 47269 Uhlenbroicher Weg 105
– Herbert 47259 Am Finkenacker 62
– Hildegard 47058 Brücken- 37
– Ilse 47279 Freiherr-vom-Stein- 19
– Irmgard 47119 Schill- 58
– Johannes
47269 Uhlenbroicher Weg 105
– Karin 47239 Lohfelder Weg 22
– Kirsten Dr. 47269 Sanddorn- 47
– Klaus 47053 Karl-Jarres- 155
– Lothar 47166 Wittfelder- 175a
– Manfred 47137 Kronen- 16
– Margrit 47229 Acker- 21
– Martin 47167 Basten- 28
– Michaela 47057 Graben- 121
– Ralf 47179 Kurfürsten- 23
– Sandra 47057 Wald- 67
– Stefanie 47139 Neander- 92
– Ursula 47058 Denkmal- 3
– Uwe 47119 Hafen- 76
– Werner 47239 Am Buchenbusch 57
– Wolfgang 47058 Prinz-Albrecht- 10
Eichbaum Andreas 47226 Hölderlin- 13
– Harald 47226 Hölderlin- 13
– Peter 47198 Mühlen- 60
Eichberg Julia 47198 Roon- 12
Eichberger Alfred
47178 Friedrich-Ebert- 543
– Elise 47137 Biesen- 39
– Ralf 47178 Friedrich-Ebert- 543
– Sigrid 47228 Lange- 60
Eichblatt Uwe 47198 Moerser- 77
Eichel Beate 47178 Feld- 10
– Carmen 47179 Prinzen- 127
– Christine 47179 Otto- 22
– Georg-Karl 47166 Hans-Sachs- 53
– Irene 47166 Hans-Sachs- 53
– Johann 47057 Heinrich-Lersch- 30
– Josef 47167 Wolf- 5
– Peter 47198 Prinzen- 34
– Thomas 47137 Hardergrund 17
– Udo 47179 Prinzen- 127
– Ulrich 47178 Feld- 10
– Ursula 47057 Heinrich-Lersch- 30
– Uwe 47167 Schlachthof- 54
Eichel-Pajonczek Ellen
47169 Die Fröhlichkeit 7
Eichelbaum Dirk 47169 Wiesen- 1c
– Else 47169 Dahlmann- 39
– Irene 47169 Wiesen- 4
– Joachim
47198 Am Hochheider Busch 4
– Katharina
47198 Am Hochheider Busch 4
– Paul-Heinz 47137 Unterführungs- 6
– Reiner 47169 Wiesen- 4
– Tanja 47169 Wiesen- 4
Eichelberg Carsten
47229 Hohenbudberger- 117
– Dagmar 47167 Kaiser-Friedrich- 266
– Edith 47167 Lindgens- 41
– Gerhard 47199 Kirch- 46
– Irmgard 47166 Kurt-Spindler- 25
– Klaus 47166 Kurt-Spindler- 25
– Maria 47166 Schul- 11
– Michaela 47198 Hochfeld- 70
– Thomas 47198 Hochfeld- 70
– Waldemar 47166 Kurt-Spindler- 25
Eichelberg-Verlage Annegret
47166 Alte- 101
Eicheler Joachim
47139 Ehrenbreitstein- 16
– Marga 47139 Ehrenbreitstein- 16
Eichelhardt Annika 47119 Jording- 11
– Brita 47119 Jording- 11
– Karl 47119 Jording- 11
Eichelkamp Gabriele
47058 Duisburger- 26
Eichelmann Adele
– Andreas 47137 Gerhard- 9
– Andreas 47249 Kaiserswerther- 98
– Anna 47249 Kaiserswerther- 105
– Brunhilde 47138 Berliner- 17
– Carmen 47249 Kaiserswerther- 98
– Christian 47166 Am Gottesacker 12
– Ewald 47249 Kaiserswerther- 98
– Franz 47198 Duisburger- 26
– Friedhelm
47249 Düsseldorfer Land- 106
– Friedhelm 47249 Kaiserswerther- 109
– Gisela 47249 Düsseldorfer Land- 106
– Gisela 47169 Kaiser-Friedrich- 158
– Heinz 47239 Kerrenweg 83
– Helke 47249 Wanheimer- 599
– Herbert 47249 Knevelspfädchen 19
– Holger
47179 Dr.-Wilhelm-Roelen- 381
– Ingrid 47249 Knevelspfädchen 19
– Nadine 47249 Kaiserswerther- 109
– Oliver 47169 Am Bischofskamp 17
– Peter 47138 Koopmann- 83
– Regina 47166 Am Gottesacker 12
– Rolf 47249 Kaiserswerther- 105
– Rosa 47166 Ottokar- 30
– Ursula 47166 Am Gottesacker 12
– Walter 47138 Berliner- 17
– Werner 47249 Kaiserswerther- 105
– Wilhelmine 47167 Wittbruch- 10
Eichelpoth Waltraud 47053 Wörth- 44
Eichenauer Ewald 47259 Bitburger- 27
– Jörn 47059 Java- 24
– Klaus 47259 Bitburger- 170
– Margaretha 47259 Bitburger- 27
Eichenberg Ulrich
47058 Königsberger Allee 61
Eichenberger Anja
47169 Prinz-Eugen- 9
– Djoni 47169 Prinz-Eugen- 11
– Mijo 47169 Prinz-Eugen- 9
– Renate 47169 Prinz-Eugen- 9
Eichenauer Viktoria
47167 Albert-Einstein- 21
Eichert Gisela
47259 Im Huckinger Kamp 55
– Heidemarie 47229 Wilhelm- 48
– Kurt 47259 Im Huckinger Kamp 55
– Olga 47228 Flutweg 1
– Rolf 47228 Flutweg 1
Eichhammer Franz 47166 Bahn- 5a
– Hildegard 47166 Bahn- 5a
Eichhöfer Käthe 47198 Otto- 7
– Katharina 47198 Husemann- 1
Eichholtz Axel 47198 Asberger- 35
Firmen, Gewerbebetriebe usw. nach Namen – siehe gelber Teil	A-DU
